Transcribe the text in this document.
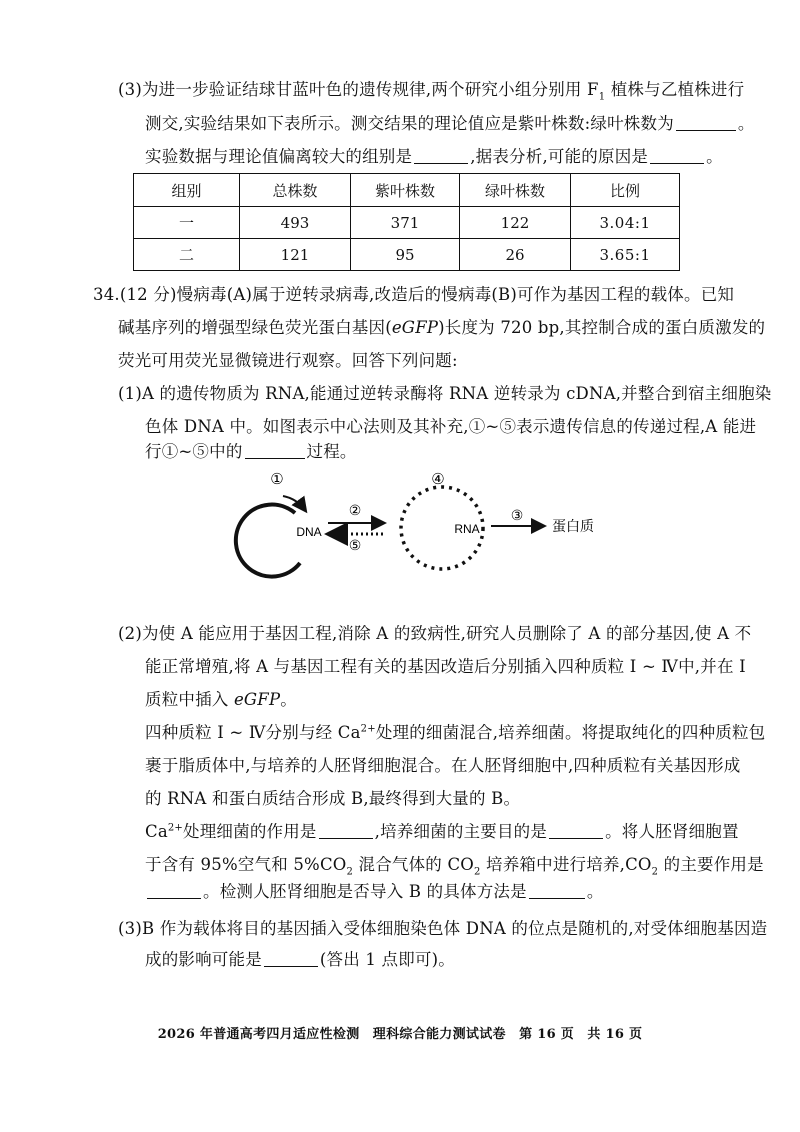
(3)为进一步验证结球甘蓝叶色的遗传规律,两个研究小组分别用 $F_1$ 植株与乙植株进行
测交,实验结果如下表所示。测交结果的理论值应是紫叶株数:绿叶株数为	。
实验数据与理论值偏离较大的组别是	,据表分析,可能的原因是	。
组别	总株数	紫叶株数	绿叶株数	比例
一	493	371	122	3.04:1
二	121	95	26	3.65:1
34.(12 分)慢病毒(A)属于逆转录病毒,改造后的慢病毒(B)可作为基因工程的载体。已知
碱基序列的增强型绿色荧光蛋白基因(eGFP)长度为 720 bp,其控制合成的蛋白质激发的
荧光可用荧光显微镜进行观察。回答下列问题:
(1)A 的遗传物质为 RNA,能通过逆转录酶将 RNA 逆转录为 cDNA,并整合到宿主细胞染
色体 DNA 中。如图表示中心法则及其补充,①~⑤表示遗传信息的传递过程,A 能进
行①~⑤中的	过程。
①
DNA
②
⑤
④
RNA
③
蛋白质
(2)为使 A 能应用于基因工程,消除 A 的致病性,研究人员删除了 A 的部分基因,使 A 不
能正常增殖,将 A 与基因工程有关的基因改造后分别插入四种质粒 Ⅰ ~ Ⅳ中,并在 Ⅰ
质粒中插入 eGFP。
四种质粒 Ⅰ ~ Ⅳ分别与经 $Ca^{2+}$处理的细菌混合,培养细菌。将提取纯化的四种质粒包
裹于脂质体中,与培养的人胚肾细胞混合。在人胚肾细胞中,四种质粒有关基因形成
的 RNA 和蛋白质结合形成 B,最终得到大量的 B。
$Ca^{2+}$处理细菌的作用是	,培养细菌的主要目的是	。将人胚肾细胞置
于含有 95%空气和 $5\%CO_2$ 混合气体的 $CO_2$ 培养箱中进行培养$,CO_2$ 的主要作用是
。检测人胚肾细胞是否导入 B 的具体方法是	。
(3)B 作为载体将目的基因插入受体细胞染色体 DNA 的位点是随机的,对受体细胞基因造
成的影响可能是	(答出 1 点即可)。
2026 年普通高考四月适应性检测　理科综合能力测试试卷　第 16 页　共 16 页
